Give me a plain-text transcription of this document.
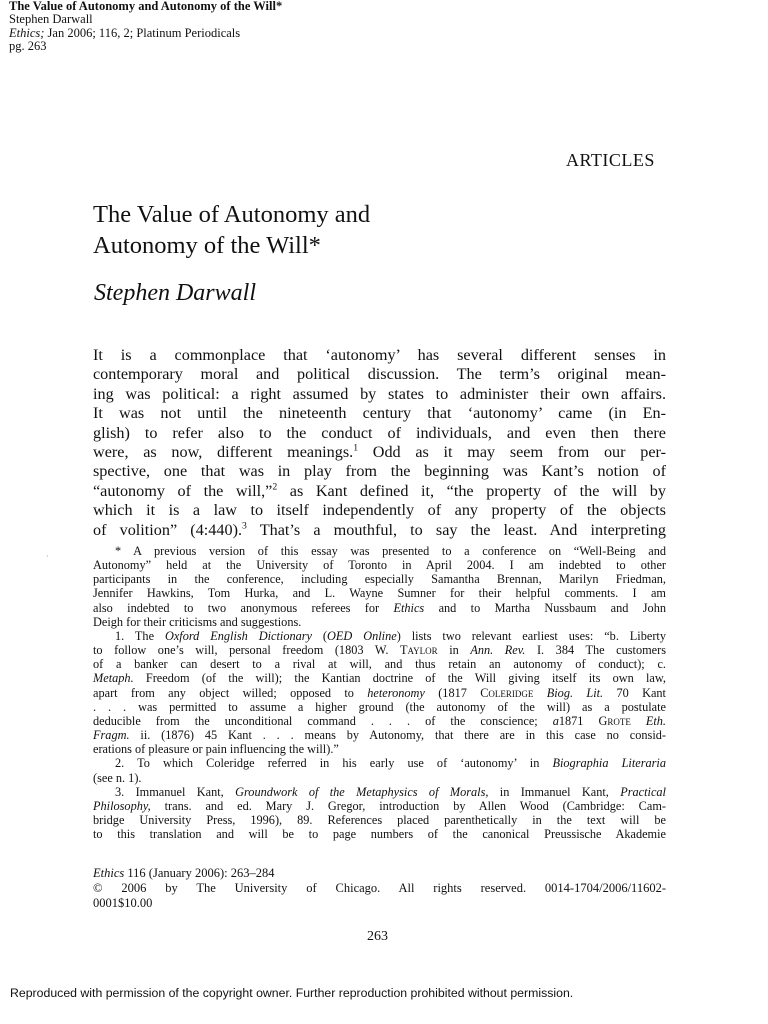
The Value of Autonomy and Autonomy of the Will*
Stephen Darwall
Ethics; Jan 2006; 116, 2; Platinum Periodicals
pg. 263
ARTICLES
The Value of Autonomy and
Autonomy of the Will*
Stephen Darwall

It is a commonplace that ‘autonomy’ has several different senses in
contemporary moral and political discussion. The term’s original mean-
ing was political: a right assumed by states to administer their own affairs.
It was not until the nineteenth century that ‘autonomy’ came (in En-
glish) to refer also to the conduct of individuals, and even then there
were, as now, different meanings.$^1$ Odd as it may seem from our per-
spective, one that was in play from the beginning was Kant’s notion of
“autonomy of the will,”$^2$ as Kant defined it, “the property of the will by
which it is a law to itself independently of any property of the objects
of volition” (4:440).$^3$ That’s a mouthful, to say the least. And interpreting

·	* A previous version of this essay was presented to a conference on “Well-Being and
Autonomy” held at the University of Toronto in April 2004. I am indebted to other
participants in the conference, including especially Samantha Brennan, Marilyn Friedman,
Jennifer Hawkins, Tom Hurka, and L. Wayne Sumner for their helpful comments. I am
also indebted to two anonymous referees for Ethics and to Martha Nussbaum and John
Deigh for their criticisms and suggestions.
1. The Oxford English Dictionary (OED Online) lists two relevant earliest uses: “b. Liberty
to follow one’s will, personal freedom (1803 W. Taylor in Ann. Rev. I. 384 The customers
of a banker can desert to a rival at will, and thus retain an autonomy of conduct); c.
Metaph. Freedom (of the will); the Kantian doctrine of the Will giving itself its own law,
apart from any object willed; opposed to heteronomy (1817 Coleridge Biog. Lit. 70 Kant
. . . was permitted to assume a higher ground (the autonomy of the will) as a postulate
deducible from the unconditional command . . . of the conscience; a1871 Grote Eth.
Fragm. ii. (1876) 45 Kant . . . means by Autonomy, that there are in this case no consid-
erations of pleasure or pain influencing the will).”
2. To which Coleridge referred in his early use of ‘autonomy’ in Biographia Literaria
(see n. 1).
3. Immanuel Kant, Groundwork of the Metaphysics of Morals, in Immanuel Kant, Practical
Philosophy, trans. and ed. Mary J. Gregor, introduction by Allen Wood (Cambridge: Cam-
bridge University Press, 1996), 89. References placed parenthetically in the text will be
to this translation and will be to page numbers of the canonical Preussische Akademie
Ethics 116 (January 2006): 263–284
© 2006 by The University of Chicago. All rights reserved. 0014-1704/2006/11602-
0001$10.00
263
Reproduced with permission of the copyright owner. Further reproduction prohibited without permission.
